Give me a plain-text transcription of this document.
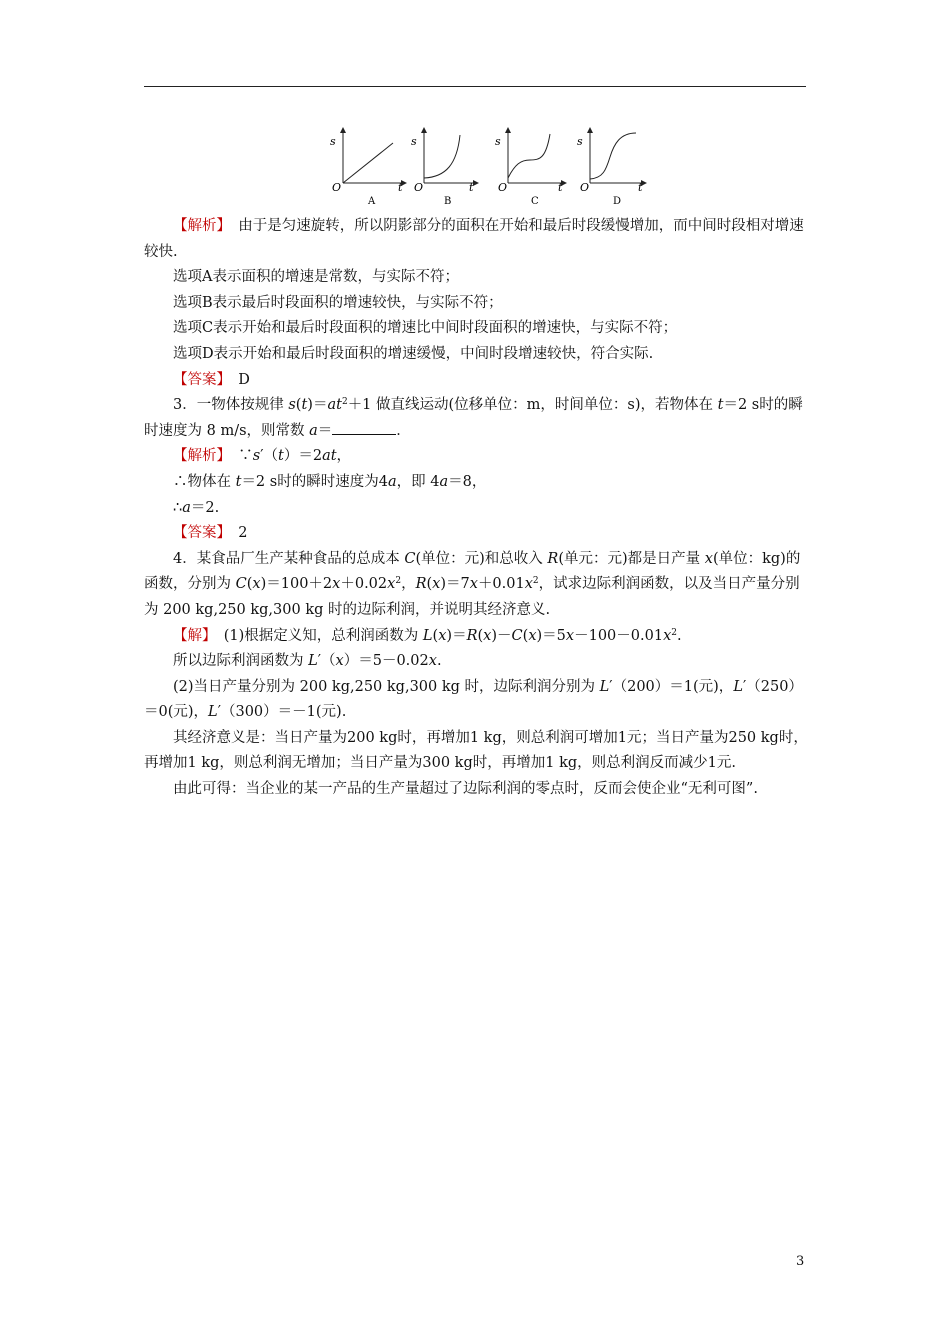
s
O	t
A
s
O	t
B
s
O	t
C
s
O	t
D

【解析】　 由于是匀速旋转，所以阴影部分的面积在开始和最后时段缓慢增加，而中间时段相对增速较快.

选项A表示面积的增速是常数，与实际不符；

选项B表示最后时段面积的增速较快，与实际不符；

选项C表示开始和最后时段面积的增速比中间时段面积的增速快，与实际不符；

选项D表示开始和最后时段面积的增速缓慢，中间时段增速较快，符合实际.

【答案】　 D

3．一物体按规律 $s(t)=at^2+1$ 做直线运动(位移单位：m，时间单位：s)，若物体在 t＝2 s时的瞬时速度为 8 m/s，则常数 a＝	．

【解析】　 ∵s′（t）＝2at，

∴物体在 t＝2 s时的瞬时速度为4a，即 4a＝8，

∴a＝2.

【答案】　 2

4．某食品厂生产某种食品的总成本 C(单位：元)和总收入 R(单元：元)都是日产量 x(单位：kg)的函数，分别为 $C(x)=100+2x+0.02x^2$，$R(x)=7x+0.01x^2$，试求边际利润函数，以及当日产量分别为 200 kg,250 kg,300 kg 时的边际利润，并说明其经济意义.

【解】　 (1)根据定义知，总利润函数为 $L(x)=R(x)-C(x)=5x-100-0.01x^2$.

所以边际利润函数为 L′（x）＝5－0.02x.

(2)当日产量分别为 200 kg,250 kg,300 kg 时，边际利润分别为 L′（200）＝1(元)，L′（250）＝0(元)，L′（300）＝－1(元).

其经济意义是：当日产量为200 kg时，再增加1 kg，则总利润可增加1元；当日产量为250 kg时，再增加1 kg，则总利润无增加；当日产量为300 kg时，再增加1 kg，则总利润反而减少1元.

由此可得：当企业的某一产品的生产量超过了边际利润的零点时，反而会使企业“无利可图”.

3
